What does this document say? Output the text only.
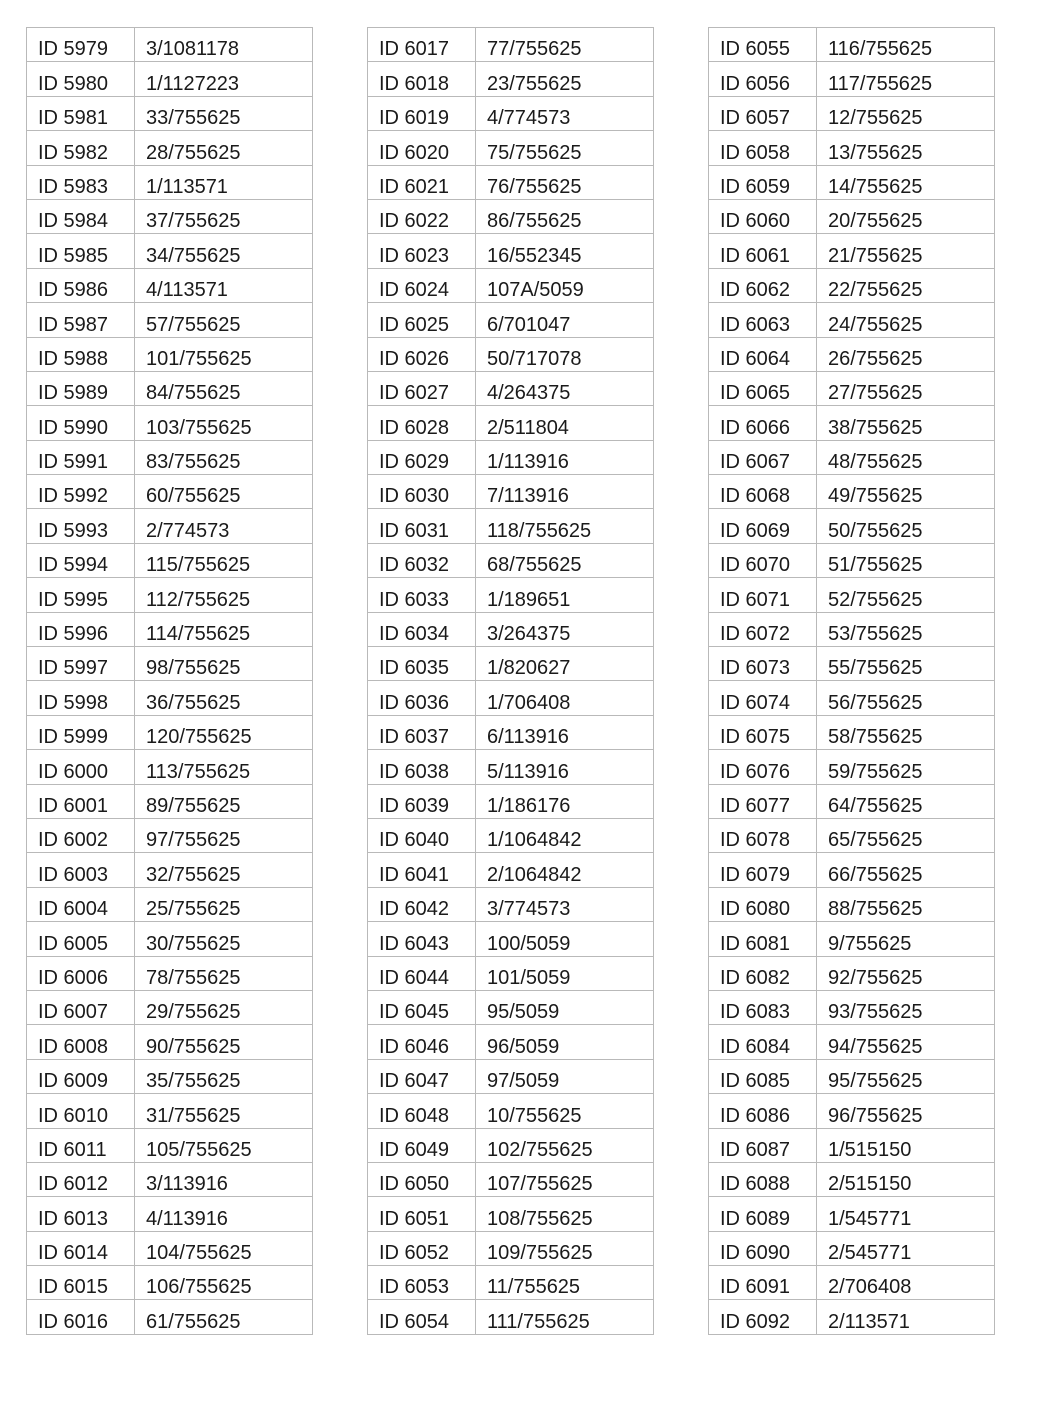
ID 5979	3/1081178
ID 5980	1/1127223
ID 5981	33/755625
ID 5982	28/755625
ID 5983	1/113571
ID 5984	37/755625
ID 5985	34/755625
ID 5986	4/113571
ID 5987	57/755625
ID 5988	101/755625
ID 5989	84/755625
ID 5990	103/755625
ID 5991	83/755625
ID 5992	60/755625
ID 5993	2/774573
ID 5994	115/755625
ID 5995	112/755625
ID 5996	114/755625
ID 5997	98/755625
ID 5998	36/755625
ID 5999	120/755625
ID 6000	113/755625
ID 6001	89/755625
ID 6002	97/755625
ID 6003	32/755625
ID 6004	25/755625
ID 6005	30/755625
ID 6006	78/755625
ID 6007	29/755625
ID 6008	90/755625
ID 6009	35/755625
ID 6010	31/755625
ID 6011	105/755625
ID 6012	3/113916
ID 6013	4/113916
ID 6014	104/755625
ID 6015	106/755625
ID 6016	61/755625
ID 6017	77/755625
ID 6018	23/755625
ID 6019	4/774573
ID 6020	75/755625
ID 6021	76/755625
ID 6022	86/755625
ID 6023	16/552345
ID 6024	107A/5059
ID 6025	6/701047
ID 6026	50/717078
ID 6027	4/264375
ID 6028	2/511804
ID 6029	1/113916
ID 6030	7/113916
ID 6031	118/755625
ID 6032	68/755625
ID 6033	1/189651
ID 6034	3/264375
ID 6035	1/820627
ID 6036	1/706408
ID 6037	6/113916
ID 6038	5/113916
ID 6039	1/186176
ID 6040	1/1064842
ID 6041	2/1064842
ID 6042	3/774573
ID 6043	100/5059
ID 6044	101/5059
ID 6045	95/5059
ID 6046	96/5059
ID 6047	97/5059
ID 6048	10/755625
ID 6049	102/755625
ID 6050	107/755625
ID 6051	108/755625
ID 6052	109/755625
ID 6053	11/755625
ID 6054	111/755625
ID 6055	116/755625
ID 6056	117/755625
ID 6057	12/755625
ID 6058	13/755625
ID 6059	14/755625
ID 6060	20/755625
ID 6061	21/755625
ID 6062	22/755625
ID 6063	24/755625
ID 6064	26/755625
ID 6065	27/755625
ID 6066	38/755625
ID 6067	48/755625
ID 6068	49/755625
ID 6069	50/755625
ID 6070	51/755625
ID 6071	52/755625
ID 6072	53/755625
ID 6073	55/755625
ID 6074	56/755625
ID 6075	58/755625
ID 6076	59/755625
ID 6077	64/755625
ID 6078	65/755625
ID 6079	66/755625
ID 6080	88/755625
ID 6081	9/755625
ID 6082	92/755625
ID 6083	93/755625
ID 6084	94/755625
ID 6085	95/755625
ID 6086	96/755625
ID 6087	1/515150
ID 6088	2/515150
ID 6089	1/545771
ID 6090	2/545771
ID 6091	2/706408
ID 6092	2/113571
